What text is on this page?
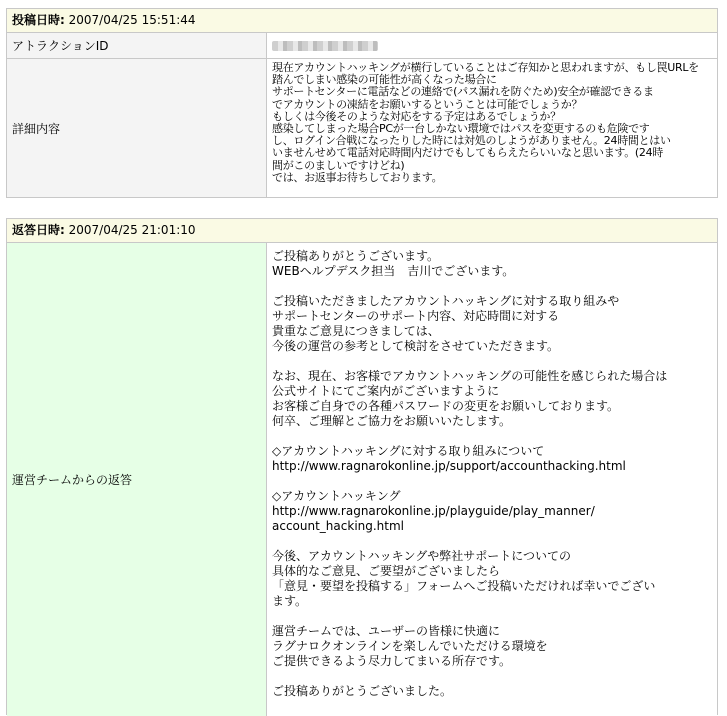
投稿日時: 2007/04/25 15:51:44
アトラクションID
詳細内容

現在アカウントハッキングが横行していることはご存知かと思われますが、もし罠URLを
踏んでしまい感染の可能性が高くなった場合に
サポートセンターに電話などの連絡で(パス漏れを防ぐため)安全が確認できるま
でアカウントの凍結をお願いするということは可能でしょうか？
もしくは今後そのような対応をする予定はあるでしょうか？
感染してしまった場合PCが一台しかない環境ではパスを変更するのも危険です
し、ログイン合戦になったりした時には対処のしようがありません。24時間とはい
いませんせめて電話対応時間内だけでもしてもらえたらいいなと思います。(24時
間がこのましいですけどね)
では、お返事お待ちしております。

返答日時: 2007/04/25 21:01:10
運営チームからの返答

ご投稿ありがとうございます。
WEBヘルプデスク担当　吉川でございます。

ご投稿いただきましたアカウントハッキングに対する取り組みや
サポートセンターのサポート内容、対応時間に対する
貴重なご意見につきましては、
今後の運営の参考として検討をさせていただきます。

なお、現在、お客様でアカウントハッキングの可能性を感じられた場合は
公式サイトにてご案内がございますように
お客様ご自身での各種パスワードの変更をお願いしております。
何卒、ご理解とご協力をお願いいたします。

◇アカウントハッキングに対する取り組みについて
http://www.ragnarokonline.jp/support/accounthacking.html

◇アカウントハッキング
http://www.ragnarokonline.jp/playguide/play_manner/
account_hacking.html

今後、アカウントハッキングや弊社サポートについての
具体的なご意見、ご要望がございましたら
「意見・要望を投稿する」フォームへご投稿いただければ幸いでござい
ます。

運営チームでは、ユーザーの皆様に快適に
ラグナロクオンラインを楽しんでいただける環境を
ご提供できるよう尽力してまいる所存です。

ご投稿ありがとうございました。
